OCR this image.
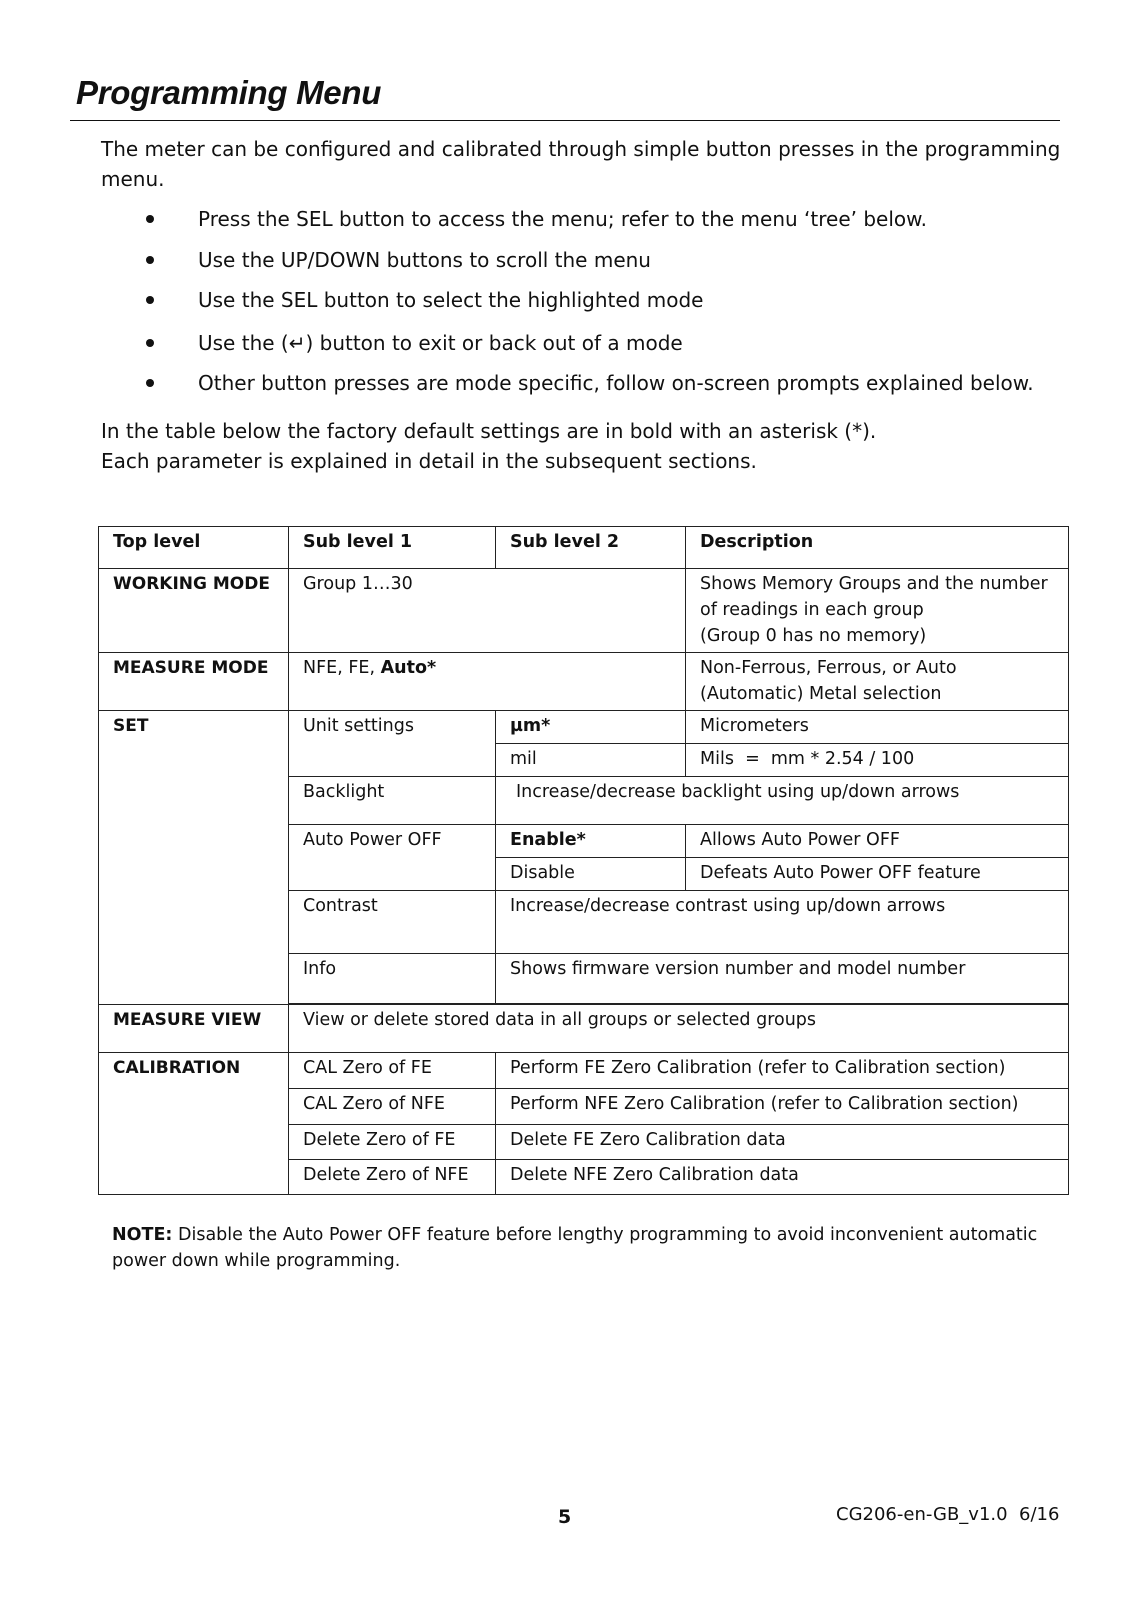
Programming Menu

The meter can be configured and calibrated through simple button presses in the programming menu.

Press the SEL button to access the menu; refer to the menu ‘tree’ below.
Use the UP/DOWN buttons to scroll the menu
Use the SEL button to select the highlighted mode
Use the (↵) button to exit or back out of a mode
Other button presses are mode specific, follow on-screen prompts explained below.

In the table below the factory default settings are in bold with an asterisk (*).

Each parameter is explained in detail in the subsequent sections.

Top level	Sub level 1	Sub level 2	Description
WORKING MODE	Group 1…30		Shows Memory Groups and the number
of readings in each group
(Group 0 has no memory)

MEASURE MODE	NFE, FE, Auto*		Non-Ferrous, Ferrous, or Auto
(Automatic) Metal selection

SET	Unit settings	µm*	Micrometers
		mil	Mils  =  mm * 2.54 / 100
	Backlight	Increase/decrease backlight using up/down arrows	
	Auto Power OFF	Enable*	Allows Auto Power OFF
		Disable	Defeats Auto Power OFF feature
	Contrast	Increase/decrease contrast using up/down arrows	
	Info	Shows firmware version number and model number	

MEASURE VIEW	View or delete stored data in all groups or selected groups		
CALIBRATION	CAL Zero of FE	Perform FE Zero Calibration (refer to Calibration section)	
	CAL Zero of NFE	Perform NFE Zero Calibration (refer to Calibration section)	
	Delete Zero of FE	Delete FE Zero Calibration data	
	Delete Zero of NFE	Delete NFE Zero Calibration data	

NOTE: Disable the Auto Power OFF feature before lengthy programming to avoid inconvenient automatic power down while programming.

5	CG206-en-GB_v1.0  6/16
